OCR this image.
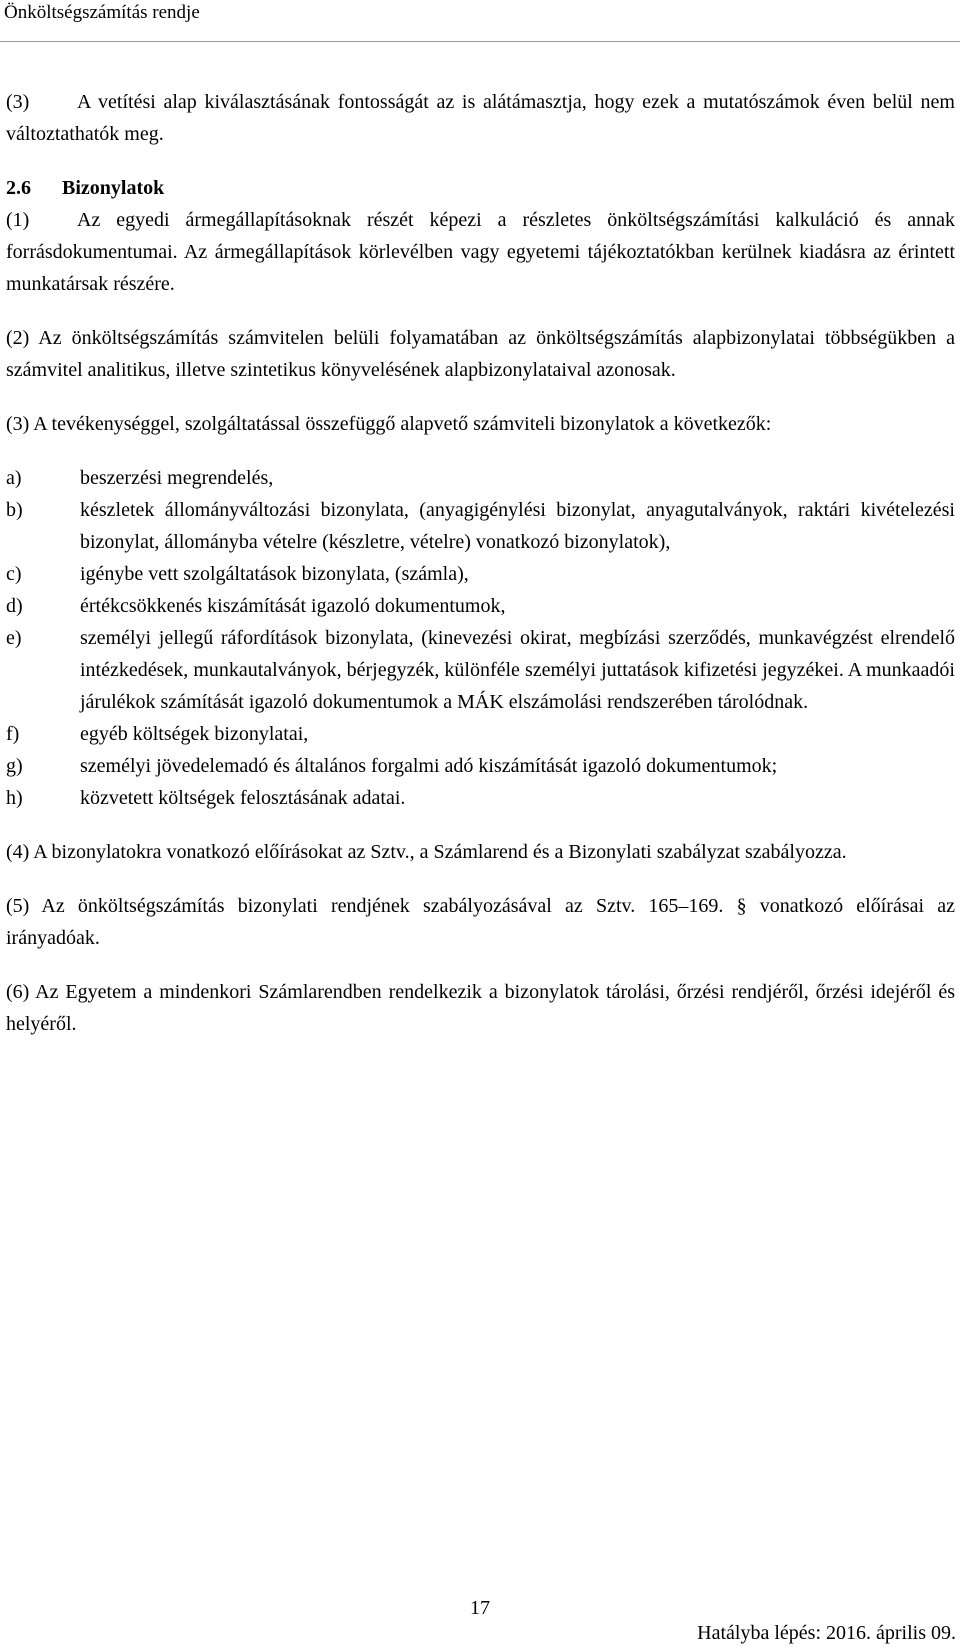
Önköltségszámítás rendje

(3) A vetítési alap kiválasztásának fontosságát az is alátámasztja, hogy ezek a mutatószámok éven belül nem változtathatók meg.

2.6 Bizonylatok

(1) Az egyedi ármegállapításoknak részét képezi a részletes önköltségszámítási kalkuláció és annak forrásdokumentumai. Az ármegállapítások körlevélben vagy egyetemi tájékoztatókban kerülnek kiadásra az érintett munkatársak részére.

(2) Az önköltségszámítás számvitelen belüli folyamatában az önköltségszámítás alapbizonylatai többségükben a számvitel analitikus, illetve szintetikus könyvelésének alapbizonylataival azonosak.

(3) A tevékenységgel, szolgáltatással összefüggő alapvető számviteli bizonylatok a következők:

a)	beszerzési megrendelés,
b)	készletek állományváltozási bizonylata, (anyagigénylési bizonylat, anyagutalványok, raktári kivételezési bizonylat, állományba vételre (készletre, vételre) vonatkozó bizonylatok),
c)	igénybe vett szolgáltatások bizonylata, (számla),
d)	értékcsökkenés kiszámítását igazoló dokumentumok,
e)	személyi jellegű ráfordítások bizonylata, (kinevezési okirat, megbízási szerződés, munkavégzést elrendelő intézkedések, munkautalványok, bérjegyzék, különféle személyi juttatások kifizetési jegyzékei. A munkaadói járulékok számítását igazoló dokumentumok a MÁK elszámolási rendszerében tárolódnak.
f)	egyéb költségek bizonylatai,
g)	személyi jövedelemadó és általános forgalmi adó kiszámítását igazoló dokumentumok;
h)	közvetett költségek felosztásának adatai.

(4) A bizonylatokra vonatkozó előírásokat az Sztv., a Számlarend és a Bizonylati szabályzat szabályozza.

(5) Az önköltségszámítás bizonylati rendjének szabályozásával az Sztv. 165–169. § vonatkozó előírásai az irányadóak.

(6) Az Egyetem a mindenkori Számlarendben rendelkezik a bizonylatok tárolási, őrzési rendjéről, őrzési idejéről és helyéről.

17
Hatályba lépés: 2016. április 09.
